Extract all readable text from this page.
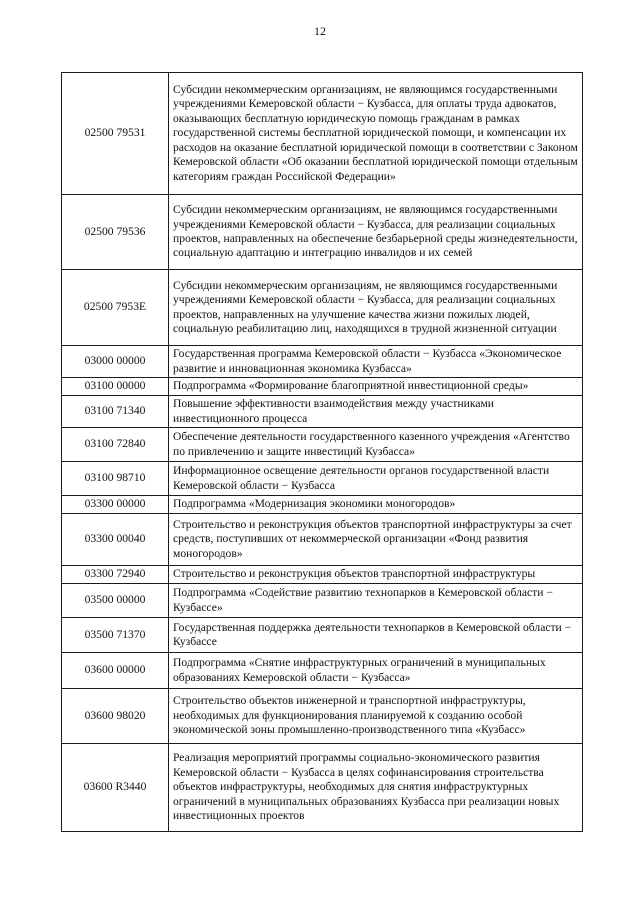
12
02500 79531	Субсидии некоммерческим организациям, не являющимся государственными учреждениями Кемеровской области − Кузбасса, для оплаты труда адвокатов, оказывающих бесплатную юридическую помощь гражданам в рамках государственной системы бесплатной юридической помощи, и компенсации их расходов на оказание бесплатной юридической помощи в соответствии с Законом Кемеровской области «Об оказании бесплатной юридической помощи отдельным категориям граждан Российской Федерации»
02500 79536	Субсидии некоммерческим организациям, не являющимся государственными учреждениями Кемеровской области − Кузбасса, для реализации социальных проектов, направленных на обеспечение безбарьерной среды жизнедеятельности, социальную адаптацию и интеграцию инвалидов и их семей
02500 7953E	Субсидии некоммерческим организациям, не являющимся государственными учреждениями Кемеровской области − Кузбасса, для реализации социальных проектов, направленных на улучшение качества жизни пожилых людей, социальную реабилитацию лиц, находящихся в трудной жизненной ситуации
03000 00000	Государственная программа Кемеровской области − Кузбасса «Экономическое развитие и инновационная экономика Кузбасса»
03100 00000	Подпрограмма «Формирование благоприятной инвестиционной среды»
03100 71340	Повышение эффективности взаимодействия между участниками инвестиционного процесса
03100 72840	Обеспечение деятельности государственного казенного учреждения «Агентство по привлечению и защите инвестиций Кузбасса»
03100 98710	Информационное освещение деятельности органов государственной власти Кемеровской области − Кузбасса
03300 00000	Подпрограмма «Модернизация экономики моногородов»
03300 00040	Строительство и реконструкция объектов транспортной инфраструктуры за счет средств, поступивших от некоммерческой организации «Фонд развития моногородов»
03300 72940	Строительство и реконструкция объектов транспортной инфраструктуры
03500 00000	Подпрограмма «Содействие развитию технопарков в Кемеровской области − Кузбассе»
03500 71370	Государственная поддержка деятельности технопарков в Кемеровской области − Кузбассе
03600 00000	Подпрограмма «Снятие инфраструктурных ограничений в муниципальных образованиях Кемеровской области − Кузбасса»
03600 98020	Строительство объектов инженерной и транспортной инфраструктуры, необходимых для функционирования планируемой к созданию особой экономической зоны промышленно-производственного типа «Кузбасс»
03600 R3440	Реализация мероприятий программы социально-экономического развития Кемеровской области − Кузбасса в целях софинансирования строительства объектов инфраструктуры, необходимых для снятия инфраструктурных ограничений в муниципальных образованиях Кузбасса при реализации новых инвестиционных проектов
